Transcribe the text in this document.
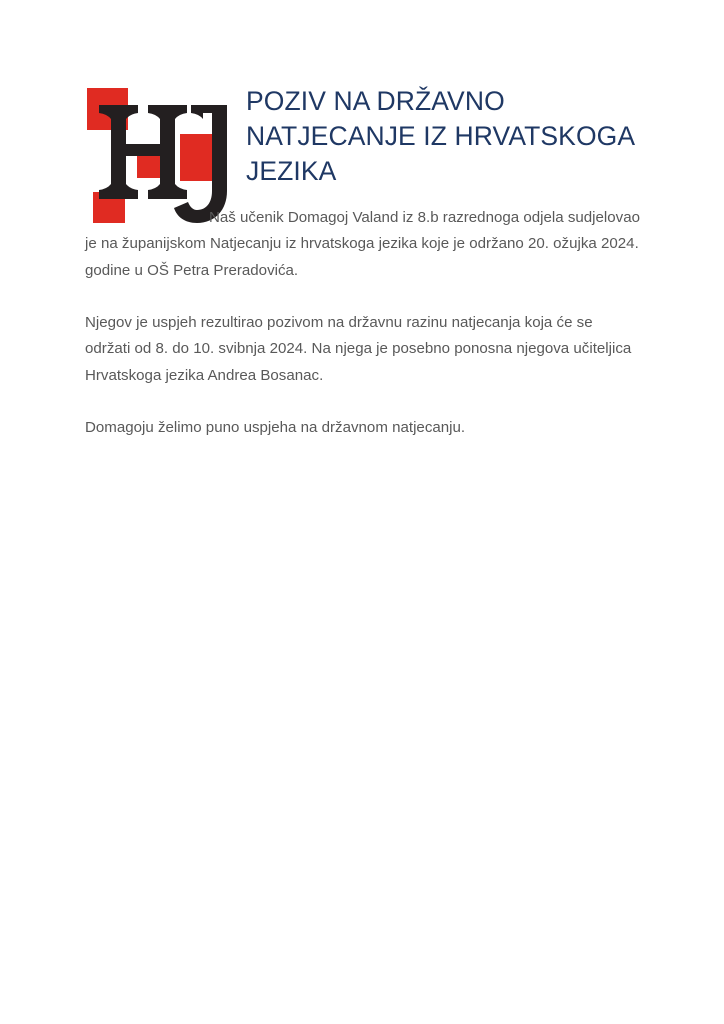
POZIV NA DRŽAVNO NATJECANJE IZ HRVATSKOGA JEZIKA

Naš učenik Domagoj Valand iz 8.b razrednoga odjela sudjelovao je na županijskom Natjecanju iz hrvatskoga jezika koje je održano 20. ožujka 2024. godine u OŠ Petra Preradovića.

Njegov je uspjeh rezultirao pozivom na državnu razinu natjecanja koja će se održati od 8. do 10. svibnja 2024. Na njega je posebno ponosna njegova učiteljica Hrvatskoga jezika Andrea Bosanac.

Domagoju želimo puno uspjeha na državnom natjecanju.
